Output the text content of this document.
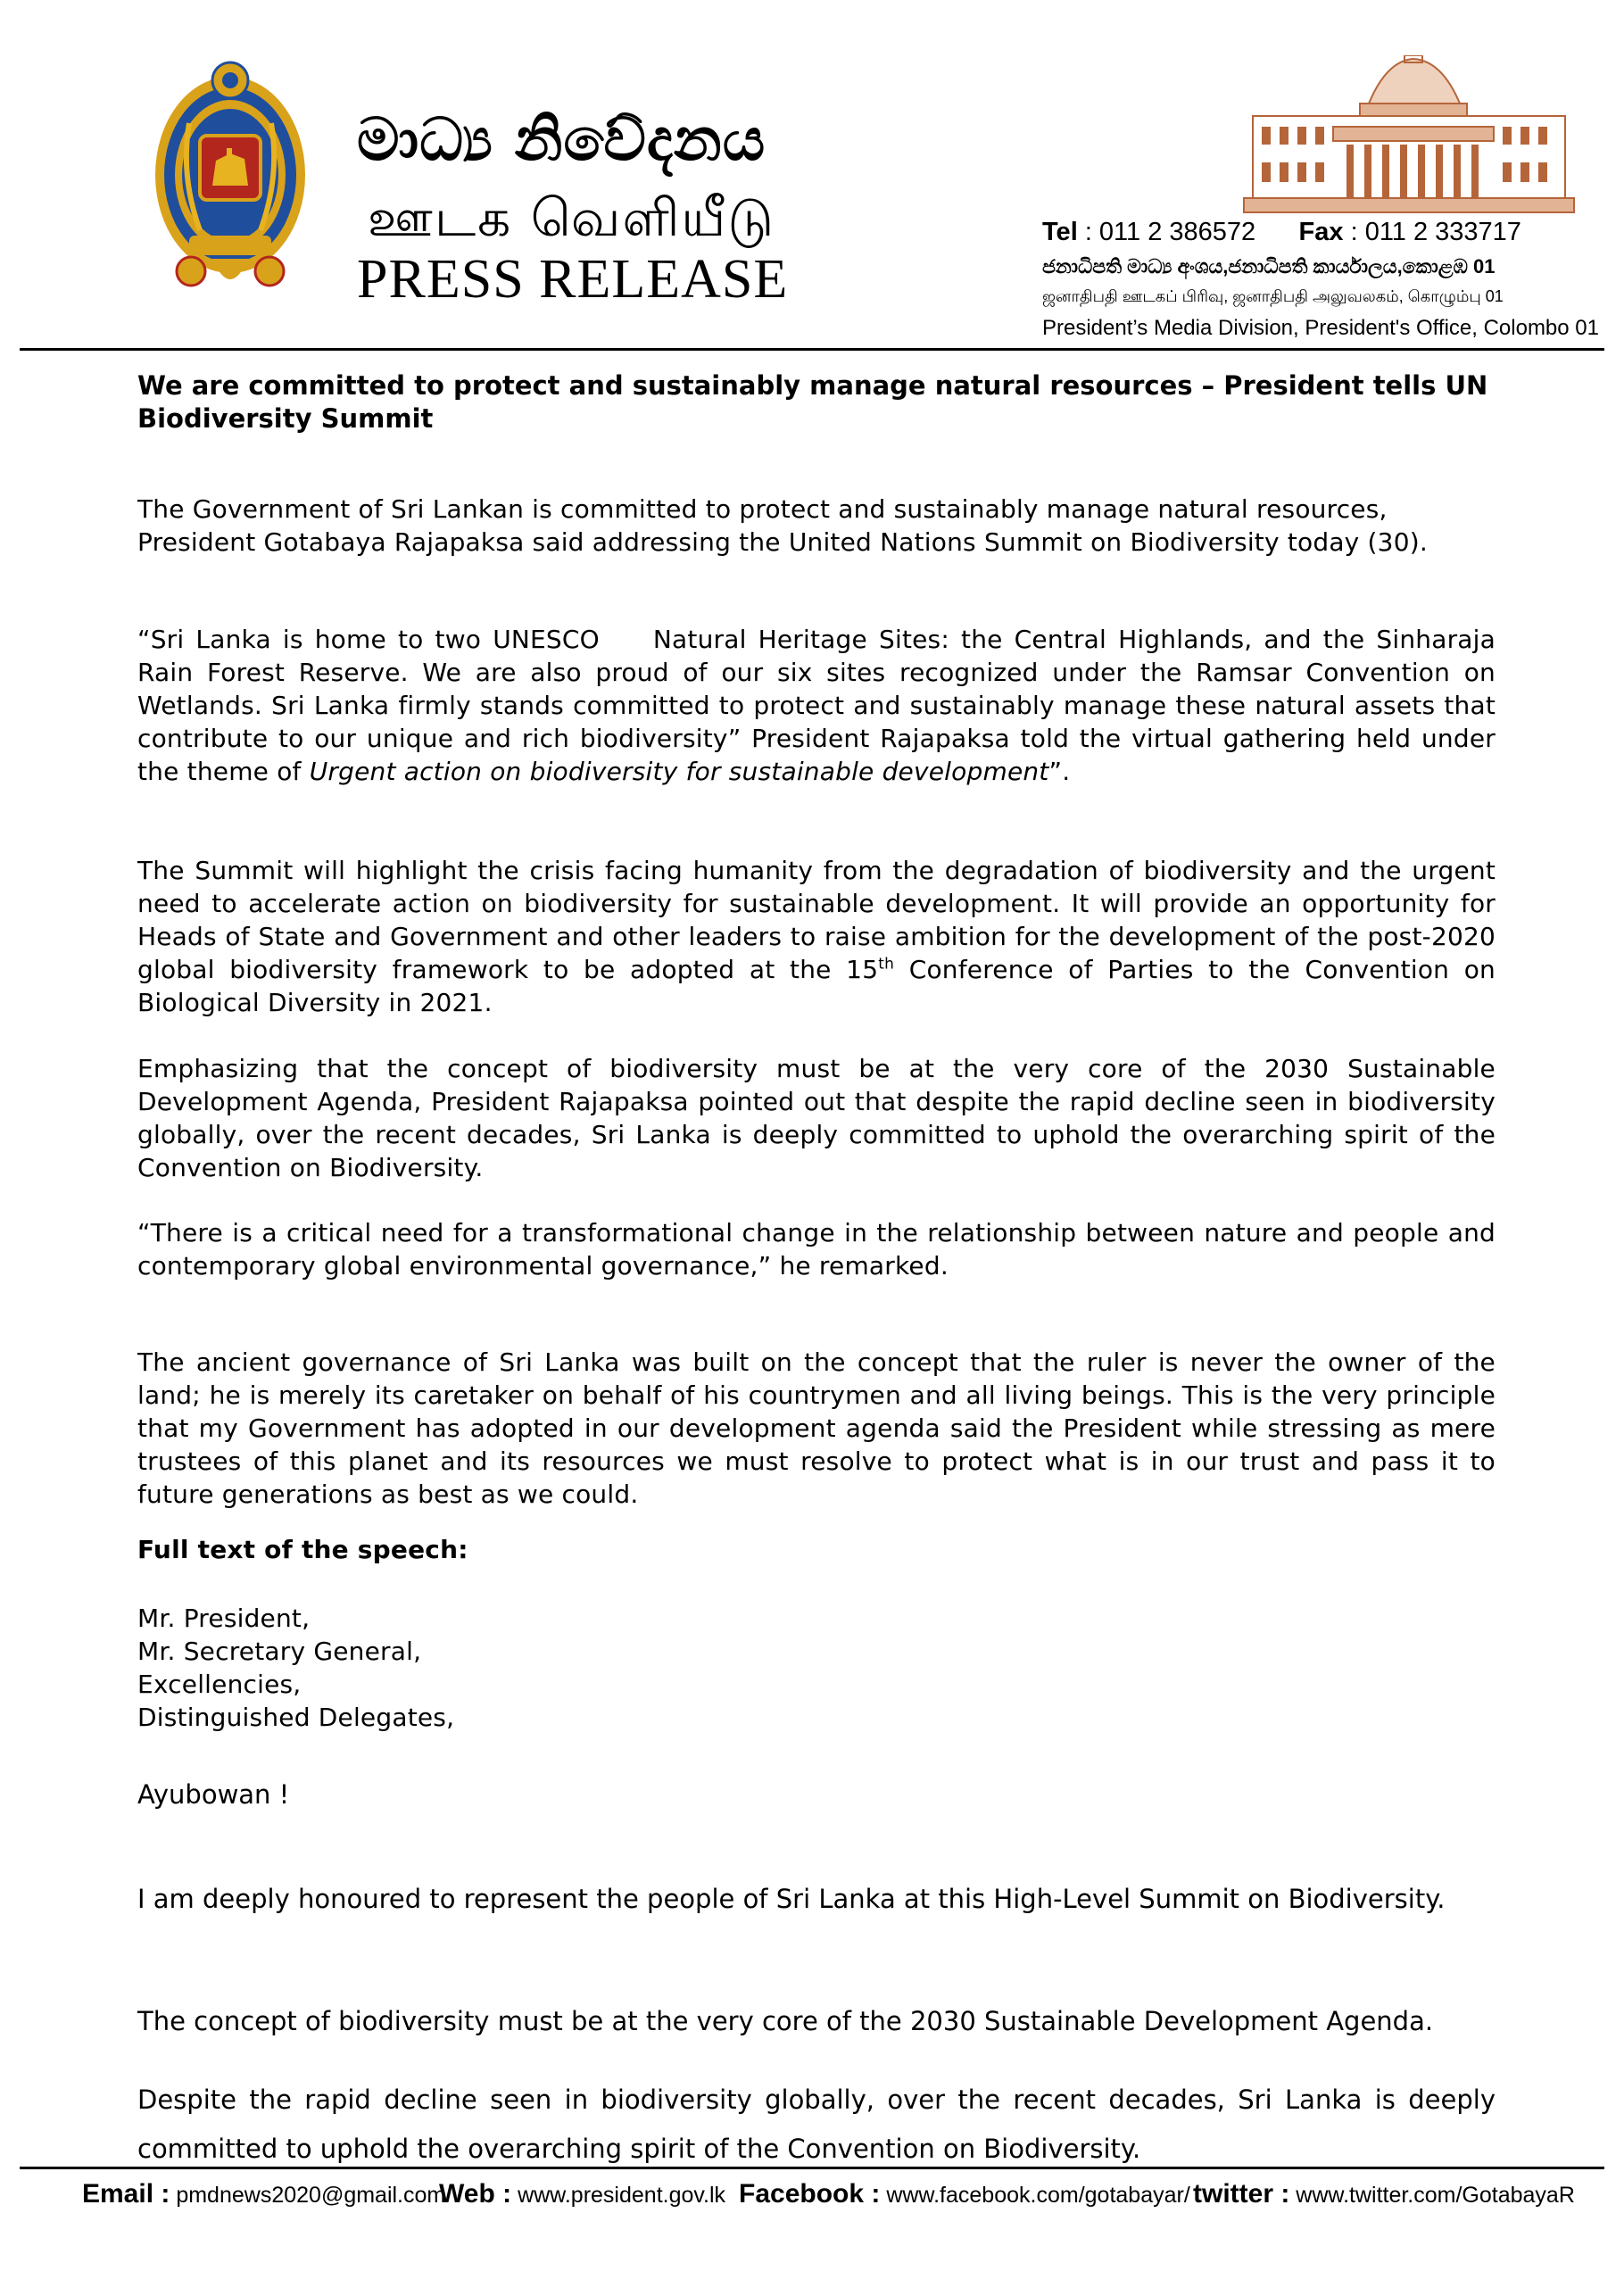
මාධ්‍ය නිවේදනය
ஊடக வெளியீடு
PRESS RELEASE
Tel : 011 2 386572 Fax : 011 2 333717
ජනාධිපති මාධ්‍ය අංශය,ජනාධිපති කාර්යාලය,කොළඹ 01
ஜனாதிபதி ஊடகப் பிரிவு, ஜனாதிபதி அலுவலகம், கொழும்பு 01
President’s Media Division, President's Office, Colombo 01
We are committed to protect and sustainably manage natural resources – President tells UN Biodiversity Summit

The Government of Sri Lankan is committed to protect and sustainably manage natural resources, President Gotabaya Rajapaksa said addressing the United Nations Summit on Biodiversity today (30).

“Sri Lanka is home to two UNESCO Natural Heritage Sites: the Central Highlands, and the Sinharaja Rain Forest Reserve. We are also proud of our six sites recognized under the Ramsar Convention on Wetlands. Sri Lanka firmly stands committed to protect and sustainably manage these natural assets that contribute to our unique and rich biodiversity” President Rajapaksa told the virtual gathering held under the theme of Urgent action on biodiversity for sustainable development”.

The Summit will highlight the crisis facing humanity from the degradation of biodiversity and the urgent need to accelerate action on biodiversity for sustainable development. It will provide an opportunity for Heads of State and Government and other leaders to raise ambition for the development of the post-2020 global biodiversity framework to be adopted at the 15th Conference of Parties to the Convention on Biological Diversity in 2021.

Emphasizing that the concept of biodiversity must be at the very core of the 2030 Sustainable Development Agenda, President Rajapaksa pointed out that despite the rapid decline seen in biodiversity globally, over the recent decades, Sri Lanka is deeply committed to uphold the overarching spirit of the Convention on Biodiversity.

“There is a critical need for a transformational change in the relationship between nature and people and contemporary global environmental governance,” he remarked.

The ancient governance of Sri Lanka was built on the concept that the ruler is never the owner of the land; he is merely its caretaker on behalf of his countrymen and all living beings. This is the very principle that my Government has adopted in our development agenda said the President while stressing as mere trustees of this planet and its resources we must resolve to protect what is in our trust and pass it to future generations as best as we could.

Full text of the speech:
Mr. President,
Mr. Secretary General,
Excellencies,
Distinguished Delegates,
Ayubowan !

I am deeply honoured to represent the people of Sri Lanka at this High-Level Summit on Biodiversity.

The concept of biodiversity must be at the very core of the 2030 Sustainable Development Agenda.

Despite the rapid decline seen in biodiversity globally, over the recent decades, Sri Lanka is deeply committed to uphold the overarching spirit of the Convention on Biodiversity.

Email : pmdnews2020@gmail.com
Web : www.president.gov.lk Facebook : www.facebook.com/gotabayar/ twitter : www.twitter.com/GotabayaR
